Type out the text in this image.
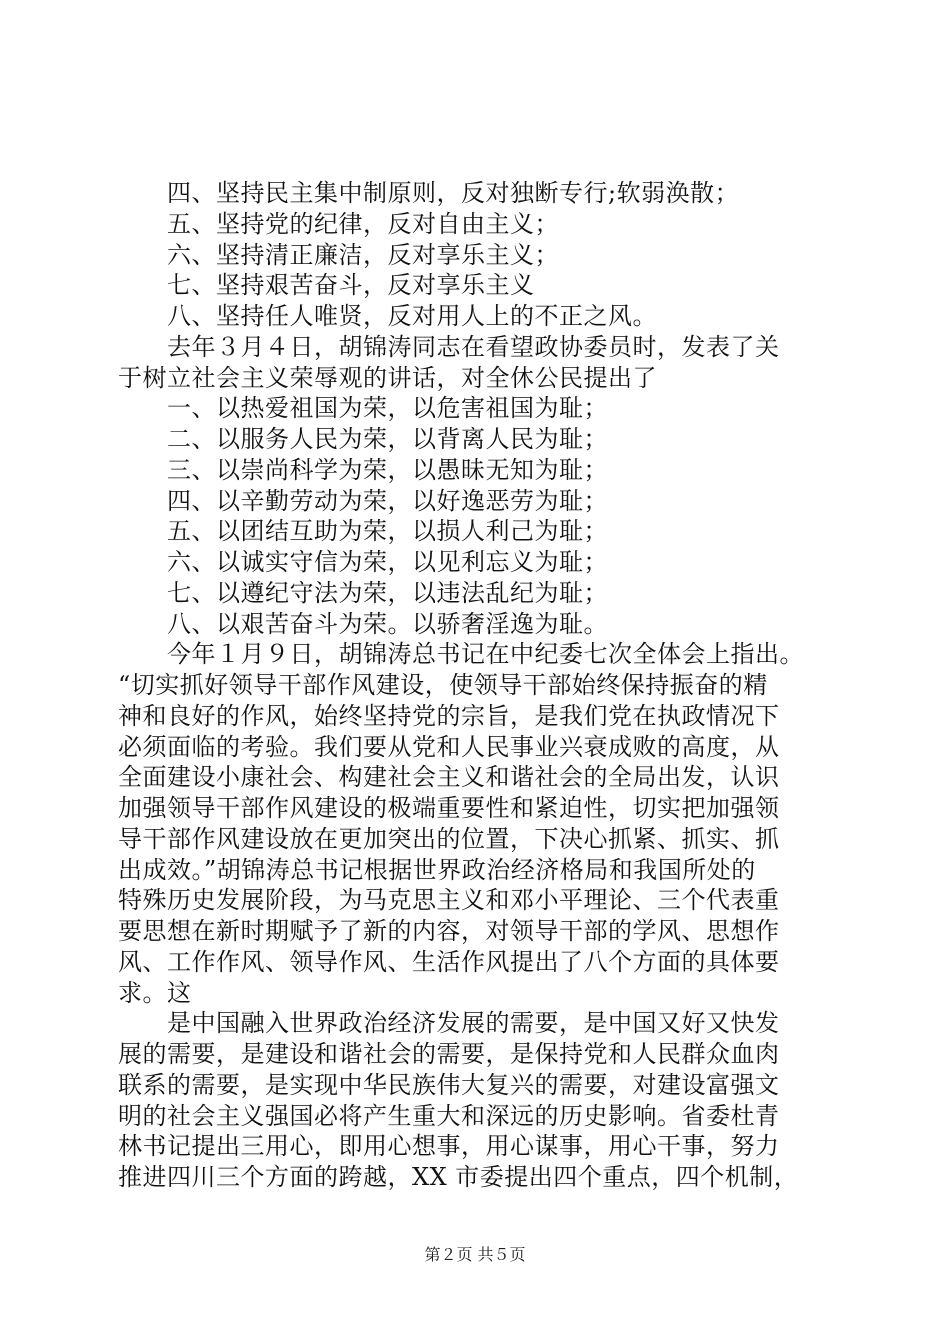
　　四、坚持民主集中制原则，反对独断专行;软弱涣散；
　　五、坚持党的纪律，反对自由主义；
　　六、坚持清正廉洁，反对享乐主义；
　　七、坚持艰苦奋斗，反对享乐主义
　　八、坚持任人唯贤，反对用人上的不正之风。
　　去年３月４日，胡锦涛同志在看望政协委员时，发表了关
于树立社会主义荣辱观的讲话，对全休公民提出了
　　一、以热爱祖国为荣，以危害祖国为耻；
　　二、以服务人民为荣，以背离人民为耻；
　　三、以崇尚科学为荣，以愚昧无知为耻；
　　四、以辛勤劳动为荣，以好逸恶劳为耻；
　　五、以团结互助为荣，以损人利己为耻；
　　六、以诚实守信为荣，以见利忘义为耻；
　　七、以遵纪守法为荣，以违法乱纪为耻；
　　八、以艰苦奋斗为荣。以骄奢淫逸为耻。
　　今年１月９日，胡锦涛总书记在中纪委七次全体会上指出。
“切实抓好领导干部作风建设，使领导干部始终保持振奋的精
神和良好的作风，始终坚持党的宗旨，是我们党在执政情况下
必须面临的考验。我们要从党和人民事业兴衰成败的高度，从
全面建设小康社会、构建社会主义和谐社会的全局出发，认识
加强领导干部作风建设的极端重要性和紧迫性，切实把加强领
导干部作风建设放在更加突出的位置，下决心抓紧、抓实、抓
出成效。”胡锦涛总书记根据世界政治经济格局和我国所处的
特殊历史发展阶段，为马克思主义和邓小平理论、三个代表重
要思想在新时期赋予了新的内容，对领导干部的学风、思想作
风、工作作风、领导作风、生活作风提出了八个方面的具体要
求。这
　　是中国融入世界政治经济发展的需要，是中国又好又快发
展的需要，是建设和谐社会的需要，是保持党和人民群众血肉
联系的需要，是实现中华民族伟大复兴的需要，对建设富强文
明的社会主义强国必将产生重大和深远的历史影响。省委杜青
林书记提出三用心，即用心想事，用心谋事，用心干事，努力
推进四川三个方面的跨越，XX 市委提出四个重点，四个机制，
第２页 共５页
